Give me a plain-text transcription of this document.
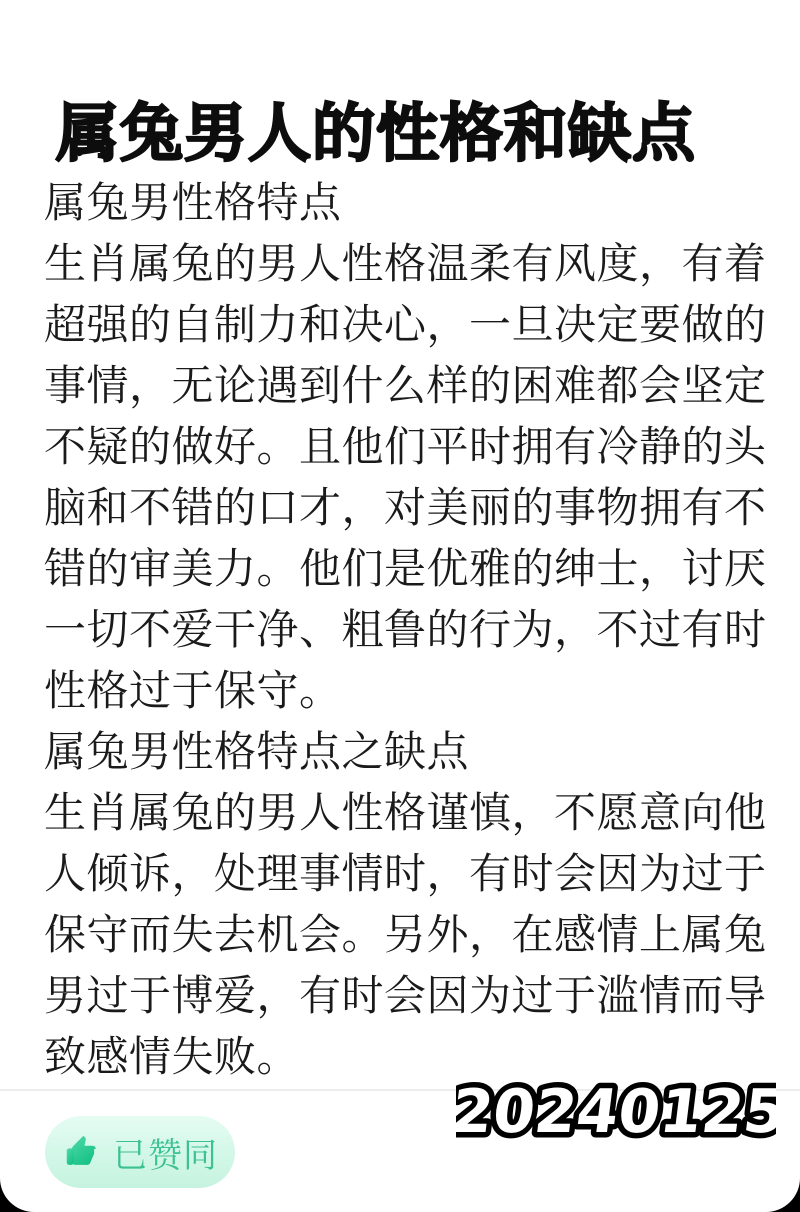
属兔男人的性格和缺点
属兔男性格特点
生肖属兔的男人性格温柔有风度，有着
超强的自制力和决心，一旦决定要做的
事情，无论遇到什么样的困难都会坚定
不疑的做好。且他们平时拥有冷静的头
脑和不错的口才，对美丽的事物拥有不
错的审美力。他们是优雅的绅士，讨厌
一切不爱干净、粗鲁的行为，不过有时
性格过于保守。
属兔男性格特点之缺点
生肖属兔的男人性格谨慎，不愿意向他
人倾诉，处理事情时，有时会因为过于
保守而失去机会。另外，在感情上属兔
男过于博爱，有时会因为过于滥情而导
致感情失败。
20240125
已赞同
